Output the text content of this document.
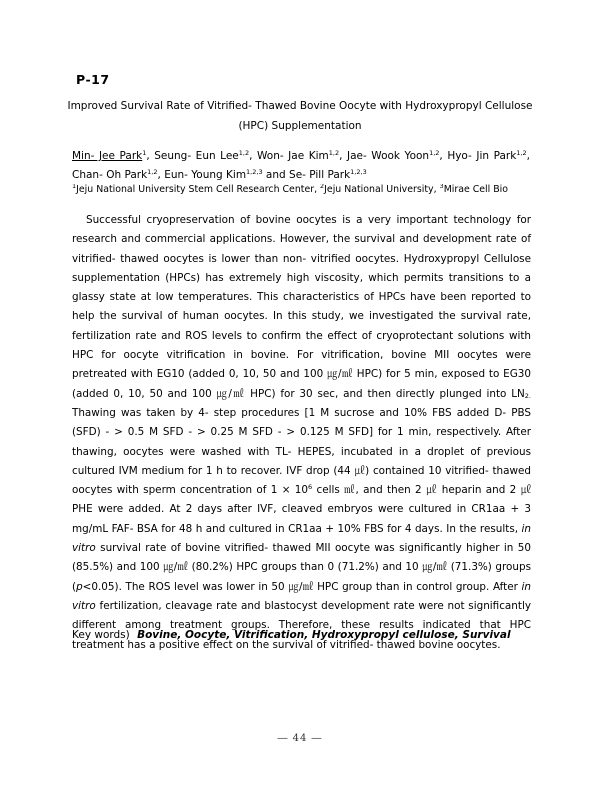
P-17
Improved Survival Rate of Vitrified- Thawed Bovine Oocyte with Hydroxypropyl Cellulose
(HPC) Supplementation
Min- Jee Park$^1$, Seung- Eun Lee$^{1,2}$, Won- Jae Kim$^{1,2}$, Jae- Wook Yoon$^{1,2}$, Hyo- Jin Park$^{1,2}$, Chan- Oh Park$^{1,2}$, Eun- Young Kim$^{1,2,3}$ and Se- Pill Park$^{1,2,3}$
$^1$Jeju National University Stem Cell Research Center, $^2$Jeju National University, $^3$Mirae Cell Bio

Successful cryopreservation of bovine oocytes is a very important technology for research and commercial applications. However, the survival and development rate of vitrified- thawed oocytes is lower than non- vitrified oocytes. Hydroxypropyl Cellulose supplementation (HPCs) has extremely high viscosity, which permits transitions to a glassy state at low temperatures. This characteristics of HPCs have been reported to help the survival of human oocytes. In this study, we investigated the survival rate, fertilization rate and ROS levels to confirm the effect of cryoprotectant solutions with HPC for oocyte vitrification in bovine. For vitrification, bovine MII oocytes were pretreated with EG10 (added 0, 10, 50 and 100 ㎍/㎖ HPC) for 5 min, exposed to EG30 (added 0, 10, 50 and 100 ㎍/㎖ HPC) for 30 sec, and then directly plunged into $LN_{2.}$ Thawing was taken by 4- step procedures [1 M sucrose and 10% FBS added D- PBS (SFD) - > 0.5 M SFD - > 0.25 M SFD - > 0.125 M SFD] for 1 min, respectively. After thawing, oocytes were washed with TL- HEPES, incubated in a droplet of previous cultured IVM medium for 1 h to recover. IVF drop (44 ㎕) contained 10 vitrified- thawed oocytes with sperm concentration of $1 \times 10^6$ cells ㎖, and then 2 ㎕ heparin and 2 ㎕ PHE were added. At 2 days after IVF, cleaved embryos were cultured in CR1aa + 3 mg/mL FAF- BSA for 48 h and cultured in CR1aa + 10% FBS for 4 days. In the results, in vitro survival rate of bovine vitrified- thawed MII oocyte was significantly higher in 50 (85.5%) and 100 ㎍/㎖ (80.2%) HPC groups than 0 (71.2%) and 10 ㎍/㎖ (71.3%) groups (p<0.05). The ROS level was lower in 50 ㎍/㎖ HPC group than in control group. After in vitro fertilization, cleavage rate and blastocyst development rate were not significantly different among treatment groups. Therefore, these results indicated that HPC treatment has a positive effect on the survival of vitrified- thawed bovine oocytes.

Key words) Bovine, Oocyte, Vitrification, Hydroxypropyl cellulose, Survival
― 44 ―
